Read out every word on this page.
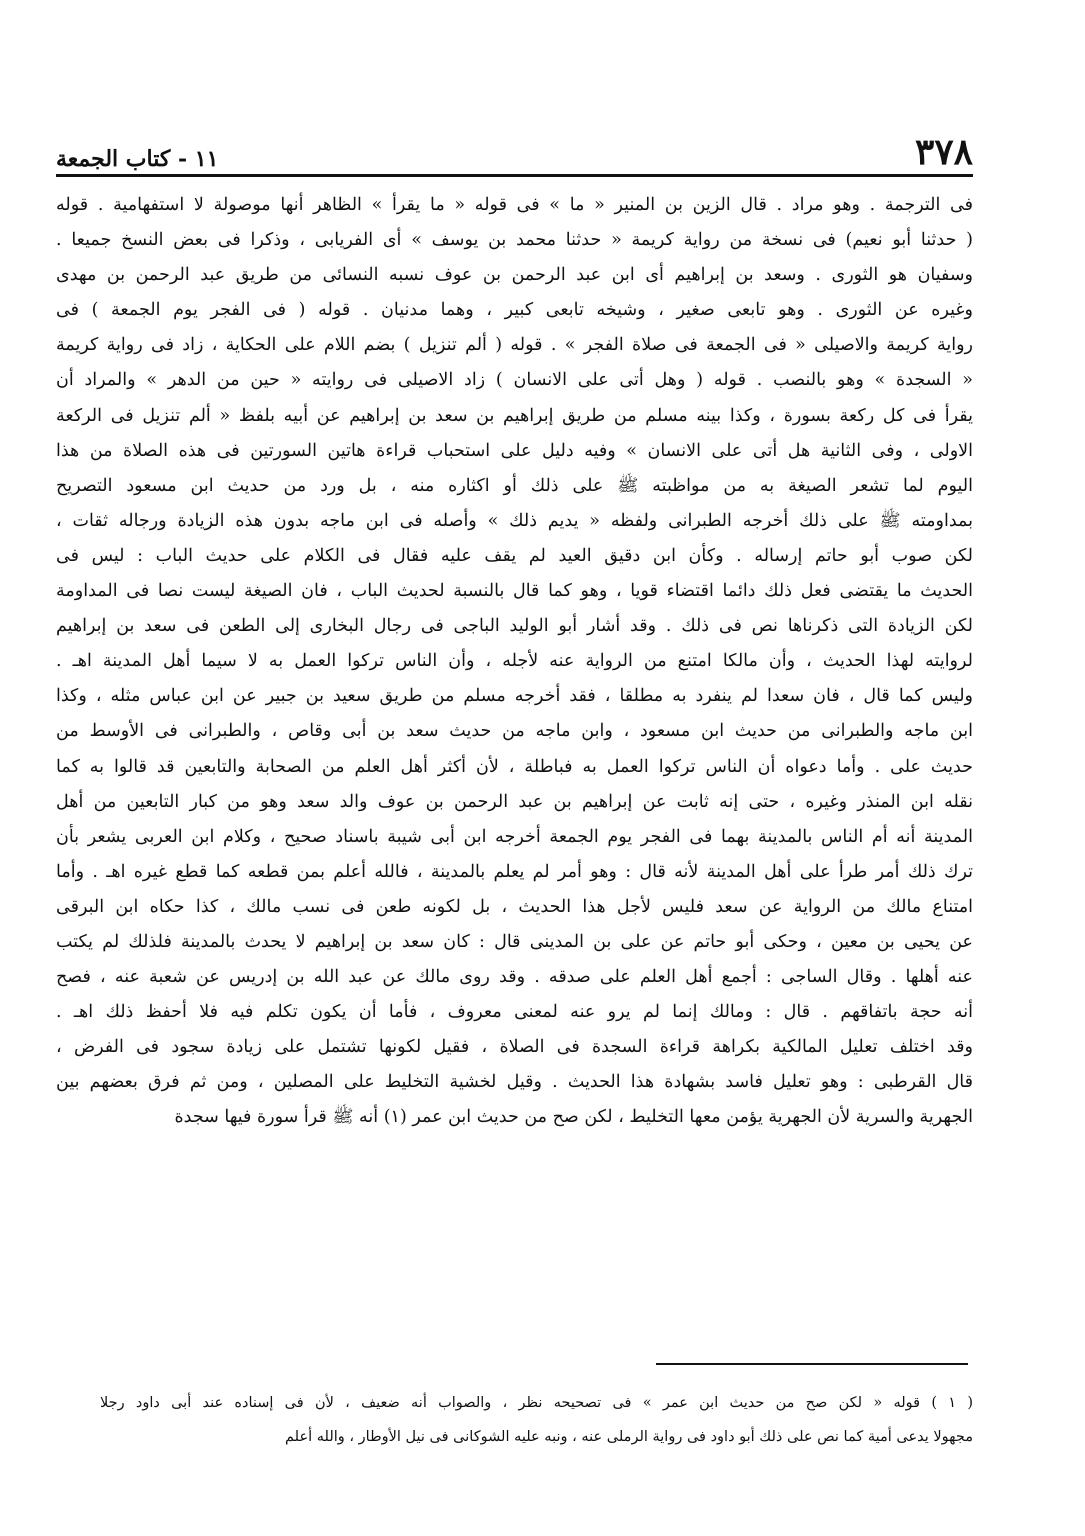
٣٧٨
١١ - كتاب الجمعة
فى الترجمة . وهو مراد . قال الزين بن المنير « ما » فى قوله « ما يقرأ » الظاهر أنها موصولة لا استفهامية . قوله
( حدثنا أبو نعيم) فى نسخة من رواية كريمة « حدثنا محمد بن يوسف » أى الفريابى ، وذكرا فى بعض النسخ جميعا .
وسفيان هو الثورى . وسعد بن إبراهيم أى ابن عبد الرحمن بن عوف نسبه النسائى من طريق عبد الرحمن بن مهدى
وغيره عن الثورى . وهو تابعى صغير ، وشيخه تابعى كبير ، وهما مدنيان . قوله ( فى الفجر يوم الجمعة ) فى
رواية كريمة والاصيلى « فى الجمعة فى صلاة الفجر » . قوله ( ألم تنزيل ) بضم اللام على الحكاية ، زاد فى رواية كريمة
« السجدة » وهو بالنصب . قوله ( وهل أتى على الانسان ) زاد الاصيلى فى روايته « حين من الدهر » والمراد أن
يقرأ فى كل ركعة بسورة ، وكذا بينه مسلم من طريق إبراهيم بن سعد بن إبراهيم عن أبيه بلفظ « ألم تنزيل فى الركعة
الاولى ، وفى الثانية هل أتى على الانسان » وفيه دليل على استحباب قراءة هاتين السورتين فى هذه الصلاة من هذا
اليوم لما تشعر الصيغة به من مواظبته ﷺ على ذلك أو اكثاره منه ، بل ورد من حديث ابن مسعود التصريح
بمداومته ﷺ على ذلك أخرجه الطبرانى ولفظه « يديم ذلك » وأصله فى ابن ماجه بدون هذه الزيادة ورجاله ثقات ،
لكن صوب أبو حاتم إرساله . وكأن ابن دقيق العيد لم يقف عليه فقال فى الكلام على حديث الباب : ليس فى
الحديث ما يقتضى فعل ذلك دائما اقتضاء قويا ، وهو كما قال بالنسبة لحديث الباب ، فان الصيغة ليست نصا فى المداومة
لكن الزيادة التى ذكرناها نص فى ذلك . وقد أشار أبو الوليد الباجى فى رجال البخارى إلى الطعن فى سعد بن إبراهيم
لروايته لهذا الحديث ، وأن مالكا امتنع من الرواية عنه لأجله ، وأن الناس تركوا العمل به لا سيما أهل المدينة اهـ .
وليس كما قال ، فان سعدا لم ينفرد به مطلقا ، فقد أخرجه مسلم من طريق سعيد بن جبير عن ابن عباس مثله ، وكذا
ابن ماجه والطبرانى من حديث ابن مسعود ، وابن ماجه من حديث سعد بن أبى وقاص ، والطبرانى فى الأوسط من
حديث على . وأما دعواه أن الناس تركوا العمل به فباطلة ، لأن أكثر أهل العلم من الصحابة والتابعين قد قالوا به كما
نقله ابن المنذر وغيره ، حتى إنه ثابت عن إبراهيم بن عبد الرحمن بن عوف والد سعد وهو من كبار التابعين من أهل
المدينة أنه أم الناس بالمدينة بهما فى الفجر يوم الجمعة أخرجه ابن أبى شيبة باسناد صحيح ، وكلام ابن العربى يشعر بأن
ترك ذلك أمر طرأ على أهل المدينة لأنه قال : وهو أمر لم يعلم بالمدينة ، فالله أعلم بمن قطعه كما قطع غيره اهـ . وأما
امتناع مالك من الرواية عن سعد فليس لأجل هذا الحديث ، بل لكونه طعن فى نسب مالك ، كذا حكاه ابن البرقى
عن يحيى بن معين ، وحكى أبو حاتم عن على بن المدينى قال : كان سعد بن إبراهيم لا يحدث بالمدينة فلذلك لم يكتب
عنه أهلها . وقال الساجى : أجمع أهل العلم على صدقه . وقد روى مالك عن عبد الله بن إدريس عن شعبة عنه ، فصح
أنه حجة باتفاقهم . قال : ومالك إنما لم يرو عنه لمعنى معروف ، فأما أن يكون تكلم فيه فلا أحفظ ذلك اهـ .
وقد اختلف تعليل المالكية بكراهة قراءة السجدة فى الصلاة ، فقيل لكونها تشتمل على زيادة سجود فى الفرض ،
قال القرطبى : وهو تعليل فاسد بشهادة هذا الحديث . وقيل لخشية التخليط على المصلين ، ومن ثم فرق بعضهم بين
الجهرية والسرية لأن الجهرية يؤمن معها التخليط ، لكن صح من حديث ابن عمر (١) أنه ﷺ قرأ سورة فيها سجدة
( ١ ) قوله « لكن صح من حديث ابن عمر » فى تصحيحه نظر ، والصواب أنه ضعيف ، لأن فى إسناده عند أبى داود رجلا
مجهولا يدعى أمية كما نص على ذلك أبو داود فى رواية الرملى عنه ، ونبه عليه الشوكانى فى نيل الأوطار ، والله أعلم
